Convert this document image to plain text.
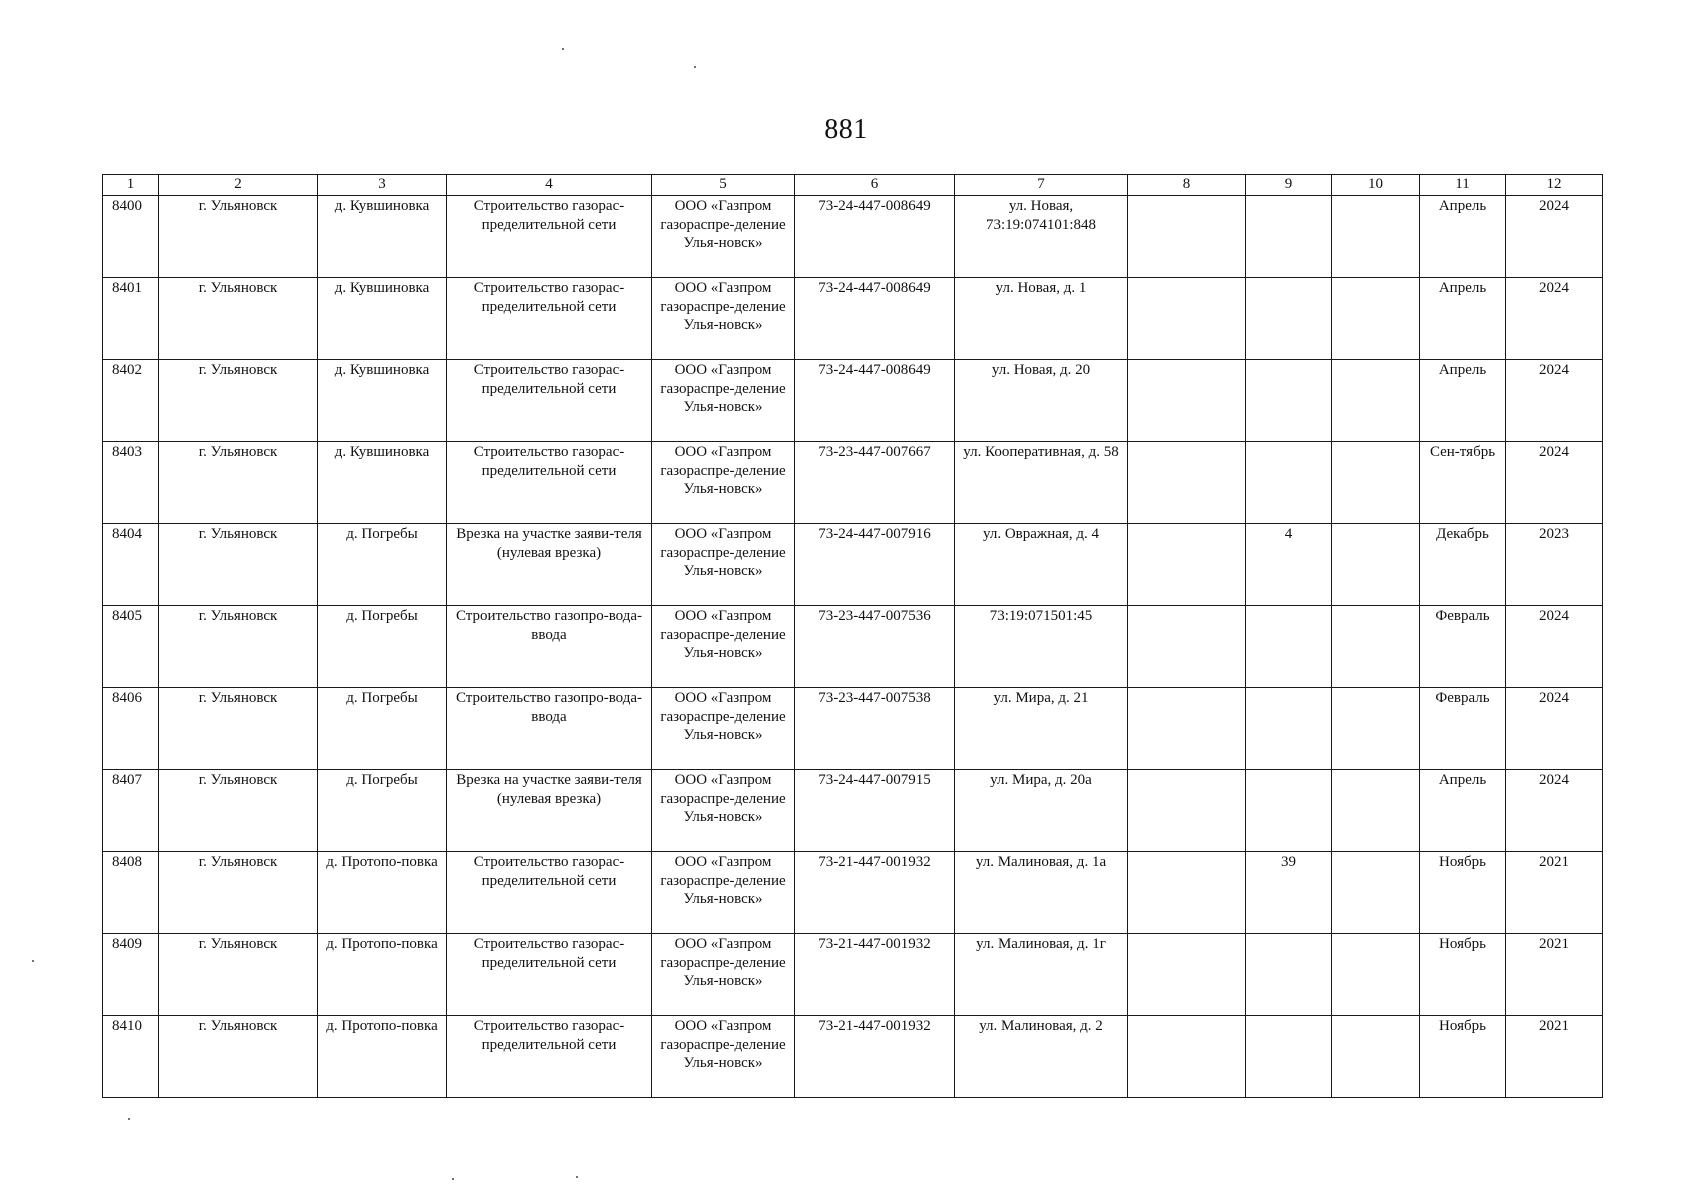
881
1	2	3	4	5	6	7	8	9	10	11	12
8400	г. Ульяновск	д. Кувшиновка	Строительство газорас-пределительной сети	ООО «Газпром газораспре-деление Улья-новск»	73-24-447-008649	ул. Новая, 73:19:074101:848				Апрель	2024
8401	г. Ульяновск	д. Кувшиновка	Строительство газорас-пределительной сети	ООО «Газпром газораспре-деление Улья-новск»	73-24-447-008649	ул. Новая, д. 1				Апрель	2024
8402	г. Ульяновск	д. Кувшиновка	Строительство газорас-пределительной сети	ООО «Газпром газораспре-деление Улья-новск»	73-24-447-008649	ул. Новая, д. 20				Апрель	2024
8403	г. Ульяновск	д. Кувшиновка	Строительство газорас-пределительной сети	ООО «Газпром газораспре-деление Улья-новск»	73-23-447-007667	ул. Кооперативная, д. 58				Сен-тябрь	2024
8404	г. Ульяновск	д. Погребы	Врезка на участке заяви-теля (нулевая врезка)	ООО «Газпром газораспре-деление Улья-новск»	73-24-447-007916	ул. Овражная, д. 4		4		Декабрь	2023
8405	г. Ульяновск	д. Погребы	Строительство газопро-вода-ввода	ООО «Газпром газораспре-деление Улья-новск»	73-23-447-007536	73:19:071501:45				Февраль	2024
8406	г. Ульяновск	д. Погребы	Строительство газопро-вода-ввода	ООО «Газпром газораспре-деление Улья-новск»	73-23-447-007538	ул. Мира, д. 21				Февраль	2024
8407	г. Ульяновск	д. Погребы	Врезка на участке заяви-теля (нулевая врезка)	ООО «Газпром газораспре-деление Улья-новск»	73-24-447-007915	ул. Мира, д. 20а				Апрель	2024
8408	г. Ульяновск	д. Протопо-повка	Строительство газорас-пределительной сети	ООО «Газпром газораспре-деление Улья-новск»	73-21-447-001932	ул. Малиновая, д. 1а		39		Ноябрь	2021
8409	г. Ульяновск	д. Протопо-повка	Строительство газорас-пределительной сети	ООО «Газпром газораспре-деление Улья-новск»	73-21-447-001932	ул. Малиновая, д. 1г				Ноябрь	2021
8410	г. Ульяновск	д. Протопо-повка	Строительство газорас-пределительной сети	ООО «Газпром газораспре-деление Улья-новск»	73-21-447-001932	ул. Малиновая, д. 2				Ноябрь	2021
